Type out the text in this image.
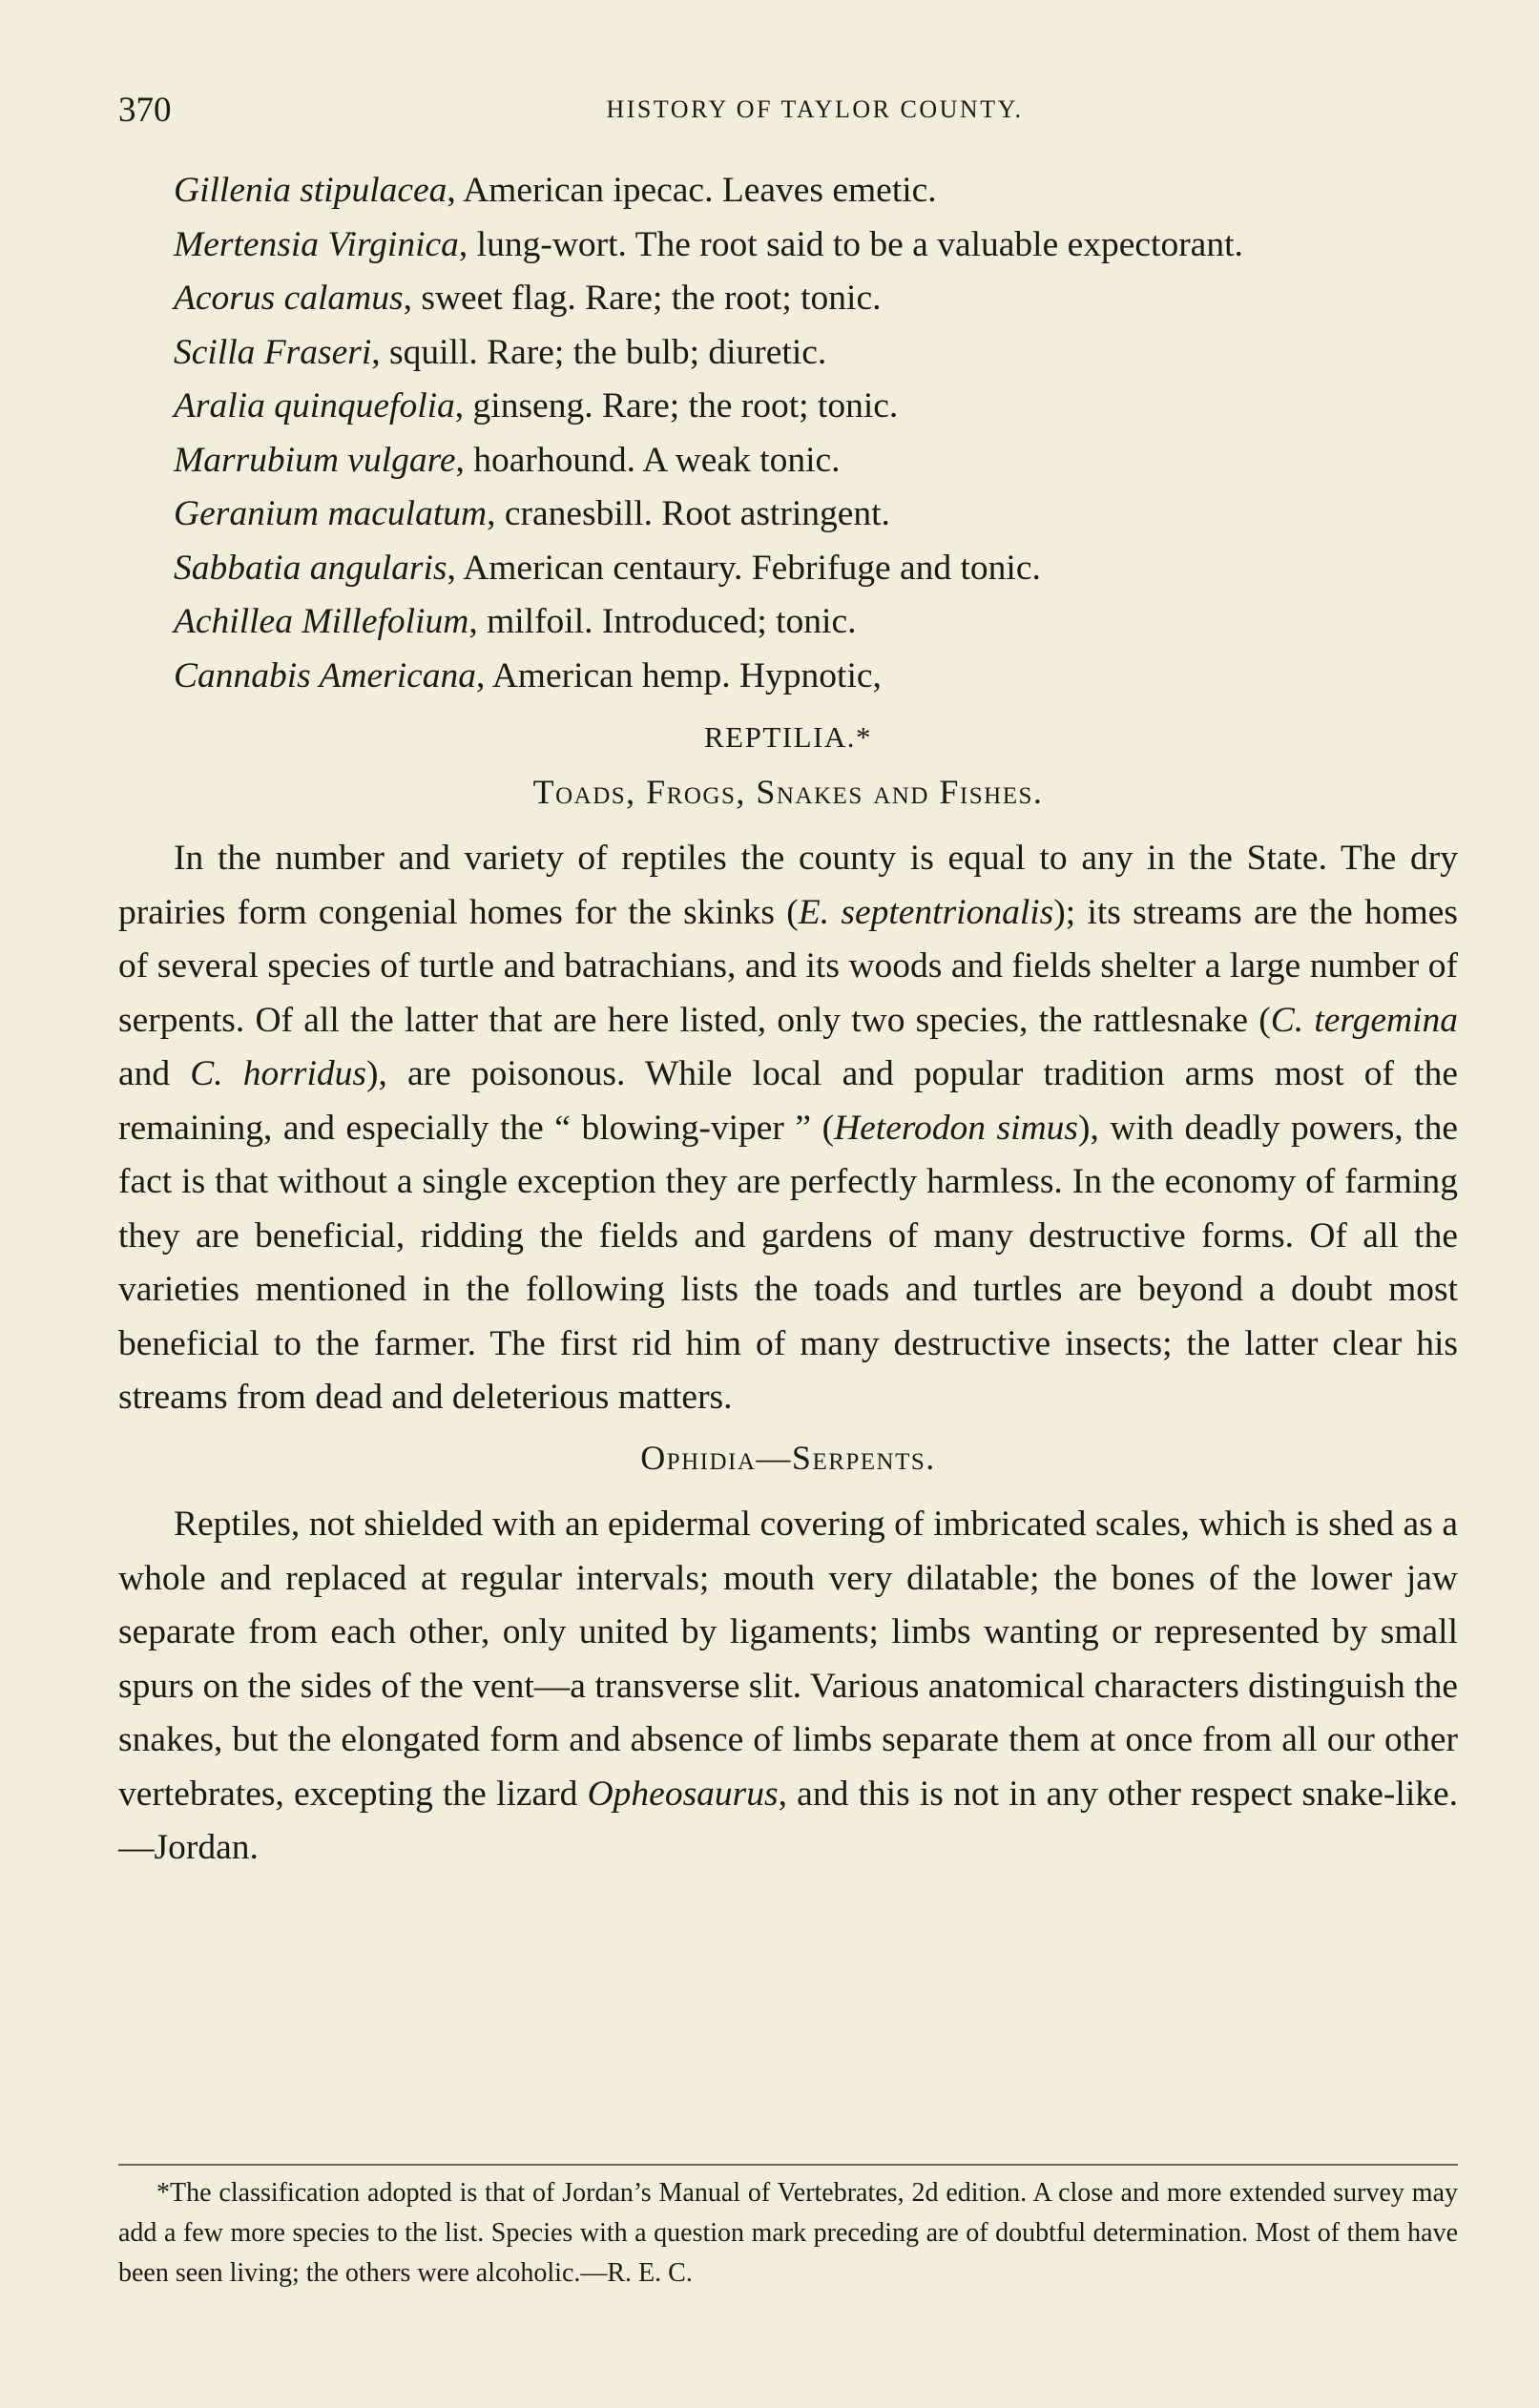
370	HISTORY OF TAYLOR COUNTY.
Gillenia stipulacea, American ipecac. Leaves emetic.
Mertensia Virginica, lung-wort. The root said to be a valuable expectorant.
Acorus calamus, sweet flag. Rare; the root; tonic.
Scilla Fraseri, squill. Rare; the bulb; diuretic.
Aralia quinquefolia, ginseng. Rare; the root; tonic.
Marrubium vulgare, hoarhound. A weak tonic.
Geranium maculatum, cranesbill. Root astringent.
Sabbatia angularis, American centaury. Febrifuge and tonic.
Achillea Millefolium, milfoil. Introduced; tonic.
Cannabis Americana, American hemp. Hypnotic,
REPTILIA.*
Toads, Frogs, Snakes and Fishes.

In the number and variety of reptiles the county is equal to any in the State. The dry prairies form congenial homes for the skinks (E. septentrionalis); its streams are the homes of several species of turtle and batrachians, and its woods and fields shelter a large number of serpents. Of all the latter that are here listed, only two species, the rattlesnake (C. tergemina and C. horridus), are poisonous. While local and popular tradition arms most of the remaining, and especially the “ blowing-viper ” (Heterodon simus), with deadly powers, the fact is that without a single exception they are perfectly harmless. In the economy of farming they are beneficial, ridding the fields and gardens of many destructive forms. Of all the varieties mentioned in the following lists the toads and turtles are beyond a doubt most beneficial to the farmer. The first rid him of many destructive insects; the latter clear his streams from dead and deleterious matters.

Ophidia—Serpents.

Reptiles, not shielded with an epidermal covering of imbricated scales, which is shed as a whole and replaced at regular intervals; mouth very dilatable; the bones of the lower jaw separate from each other, only united by ligaments; limbs wanting or represented by small spurs on the sides of the vent—a transverse slit. Various anatomical characters distinguish the snakes, but the elongated form and absence of limbs separate them at once from all our other vertebrates, excepting the lizard Opheosaurus, and this is not in any other respect snake-like.—Jordan.

*The classification adopted is that of Jordan’s Manual of Vertebrates, 2d edition. A close and more extended survey may add a few more species to the list. Species with a question mark preceding are of doubtful determination. Most of them have been seen living; the others were alcoholic.—R. E. C.
